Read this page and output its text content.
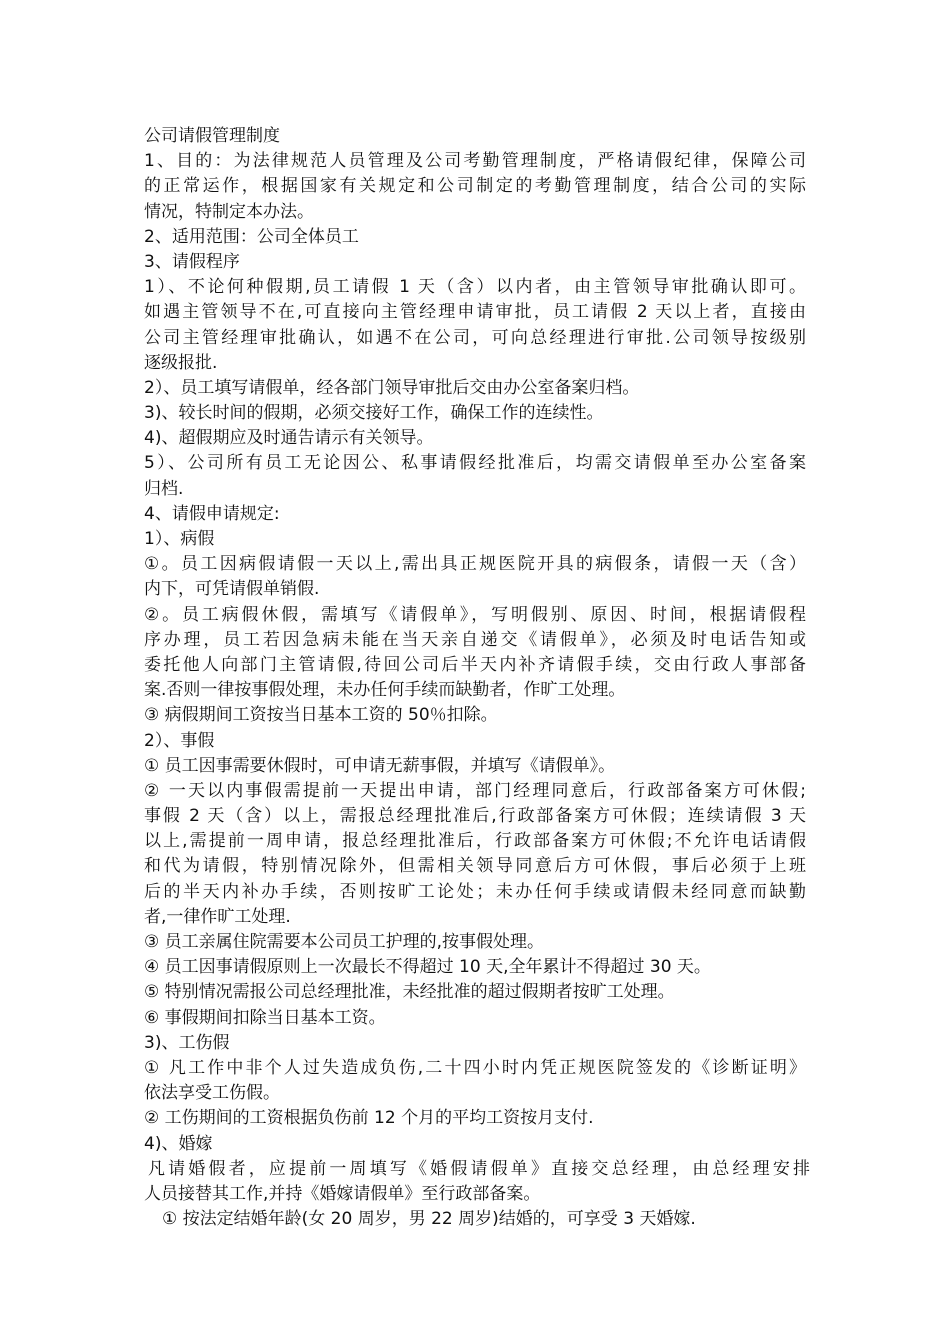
公司请假管理制度
1、目的：为法律规范人员管理及公司考勤管理制度，严格请假纪律，保障公司
的正常运作，根据国家有关规定和公司制定的考勤管理制度，结合公司的实际
情况，特制定本办法。
2、适用范围：公司全体员工
3、请假程序
1）、不论何种假期,员工请假 1 天（含）以内者，由主管领导审批确认即可。
如遇主管领导不在,可直接向主管经理申请审批，员工请假 2 天以上者，直接由
公司主管经理审批确认，如遇不在公司，可向总经理进行审批.公司领导按级别
逐级报批.
2）、员工填写请假单，经各部门领导审批后交由办公室备案归档。
3)、较长时间的假期，必须交接好工作，确保工作的连续性。
4)、超假期应及时通告请示有关领导。
5）、公司所有员工无论因公、私事请假经批准后，均需交请假单至办公室备案
归档.
4、请假申请规定:
1）、病假
①。员工因病假请假一天以上,需出具正规医院开具的病假条，请假一天（含）
内下，可凭请假单销假.
②。员工病假休假，需填写《请假单》，写明假别、原因、时间，根据请假程
序办理，员工若因急病未能在当天亲自递交《请假单》，必须及时电话告知或
委托他人向部门主管请假,待回公司后半天内补齐请假手续，交由行政人事部备
案.否则一律按事假处理，未办任何手续而缺勤者，作旷工处理。
③ 病假期间工资按当日基本工资的 50％扣除。
2）、事假
① 员工因事需要休假时，可申请无薪事假，并填写《请假单》。
② 一天以内事假需提前一天提出申请，部门经理同意后，行政部备案方可休假;
事假 2 天（含）以上，需报总经理批准后,行政部备案方可休假；连续请假 3 天
以上,需提前一周申请，报总经理批准后，行政部备案方可休假;不允许电话请假
和代为请假，特别情况除外，但需相关领导同意后方可休假，事后必须于上班
后的半天内补办手续，否则按旷工论处；未办任何手续或请假未经同意而缺勤
者,一律作旷工处理.
③ 员工亲属住院需要本公司员工护理的,按事假处理。
④ 员工因事请假原则上一次最长不得超过 10 天,全年累计不得超过 30 天。
⑤ 特别情况需报公司总经理批准，未经批准的超过假期者按旷工处理。
⑥ 事假期间扣除当日基本工资。
3)、工伤假
① 凡工作中非个人过失造成负伤,二十四小时内凭正规医院签发的《诊断证明》
依法享受工伤假。
② 工伤期间的工资根据负伤前 12 个月的平均工资按月支付.
4)、婚嫁
凡请婚假者，应提前一周填写《婚假请假单》直接交总经理，由总经理安排
人员接替其工作,并持《婚嫁请假单》至行政部备案。
① 按法定结婚年龄(女 20 周岁，男 22 周岁)结婚的，可享受 3 天婚嫁.
